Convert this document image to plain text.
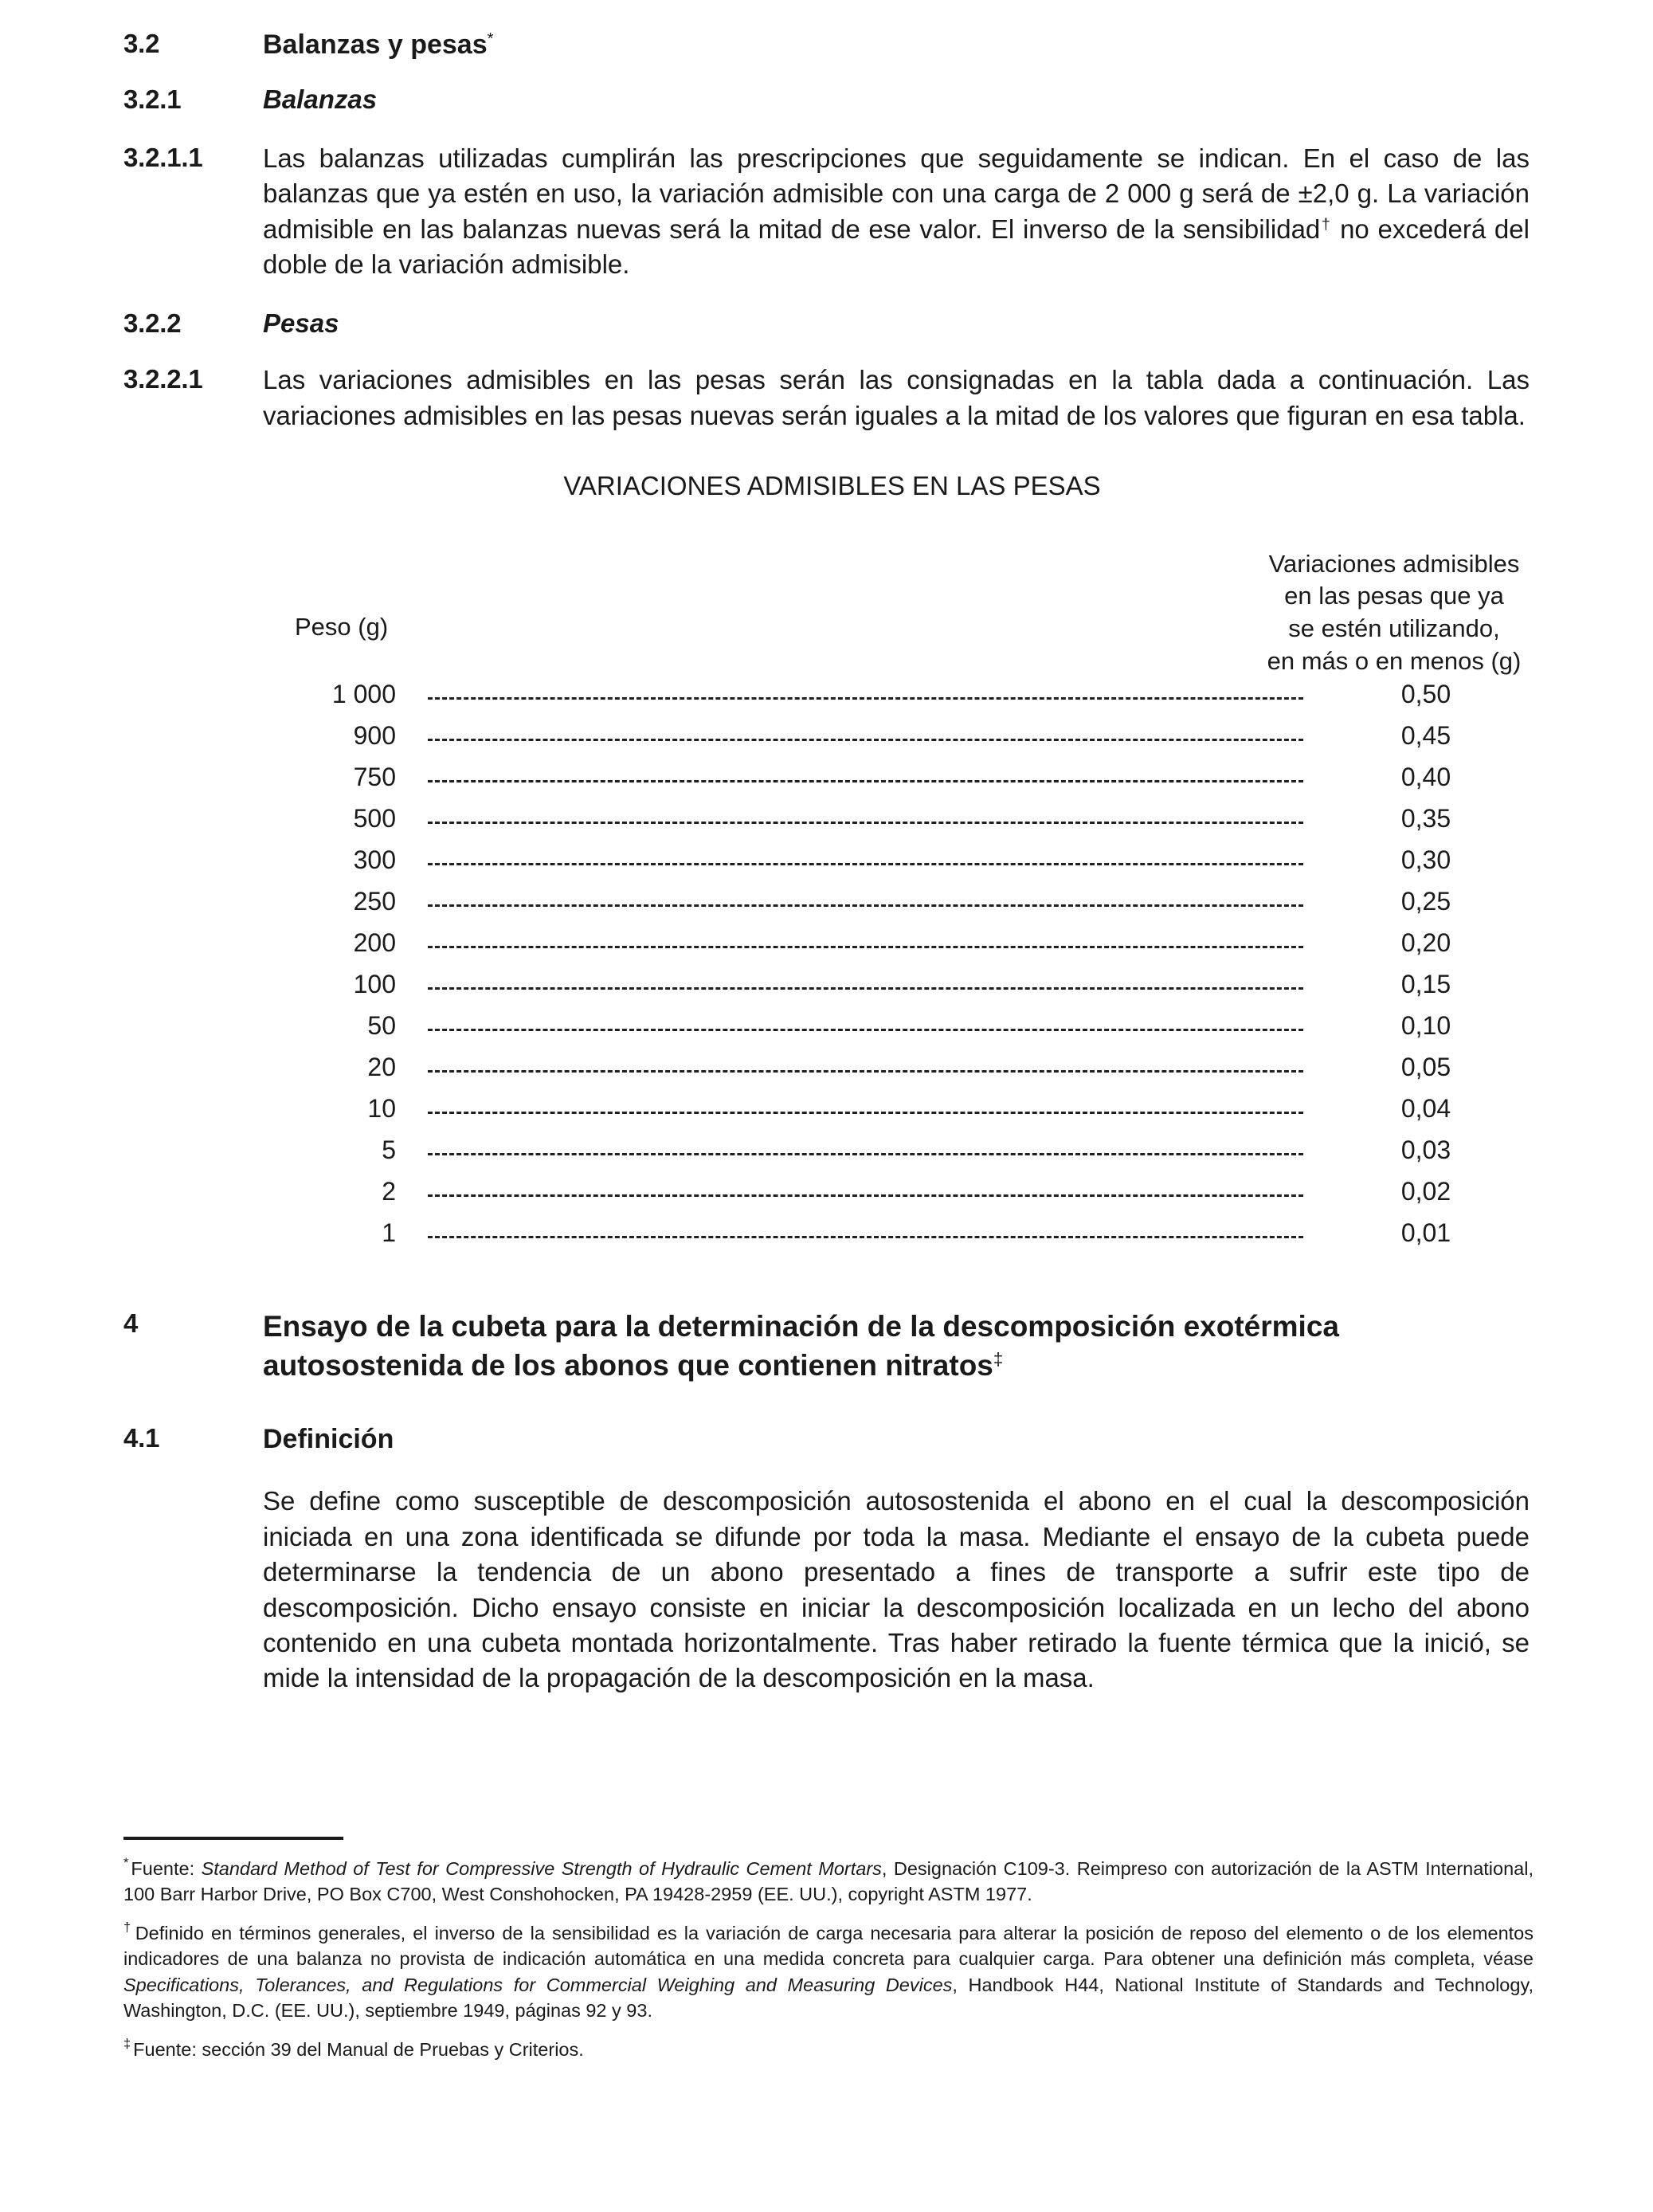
3.2	Balanzas y pesas*
3.2.1	Balanzas
3.2.1.1	Las balanzas utilizadas cumplirán las prescripciones que seguidamente se indican. En el caso de las balanzas que ya estén en uso, la variación admisible con una carga de 2 000 g será de ±2,0 g. La variación admisible en las balanzas nuevas será la mitad de ese valor. El inverso de la sensibilidad† no excederá del doble de la variación admisible.
3.2.2	Pesas
3.2.2.1	Las variaciones admisibles en las pesas serán las consignadas en la tabla dada a continuación. Las variaciones admisibles en las pesas nuevas serán iguales a la mitad de los valores que figuran en esa tabla.
VARIACIONES ADMISIBLES EN LAS PESAS
Peso (g)
Variaciones admisibles
en las pesas que ya
se estén utilizando,
en más o en menos (g)
1 000	0,50
900	0,45
750	0,40
500	0,35
300	0,30
250	0,25
200	0,20
100	0,15
50	0,10
20	0,05
10	0,04
5	0,03
2	0,02
1	0,01
4	Ensayo de la cubeta para la determinación de la descomposición exotérmica autosostenida de los abonos que contienen nitratos‡
4.1	Definición
Se define como susceptible de descomposición autosostenida el abono en el cual la descomposición iniciada en una zona identificada se difunde por toda la masa. Mediante el ensayo de la cubeta puede determinarse la tendencia de un abono presentado a fines de transporte a sufrir este tipo de descomposición. Dicho ensayo consiste en iniciar la descomposición localizada en un lecho del abono contenido en una cubeta montada horizontalmente. Tras haber retirado la fuente térmica que la inició, se mide la intensidad de la propagación de la descomposición en la masa.
* Fuente: Standard Method of Test for Compressive Strength of Hydraulic Cement Mortars, Designación C109-3. Reimpreso con autorización de la ASTM International, 100 Barr Harbor Drive, PO Box C700, West Conshohocken, PA 19428-2959 (EE. UU.), copyright ASTM 1977.
† Definido en términos generales, el inverso de la sensibilidad es la variación de carga necesaria para alterar la posición de reposo del elemento o de los elementos indicadores de una balanza no provista de indicación automática en una medida concreta para cualquier carga. Para obtener una definición más completa, véase Specifications, Tolerances, and Regulations for Commercial Weighing and Measuring Devices, Handbook H44, National Institute of Standards and Technology, Washington, D.C. (EE. UU.), septiembre 1949, páginas 92 y 93.
‡ Fuente: sección 39 del Manual de Pruebas y Criterios.
